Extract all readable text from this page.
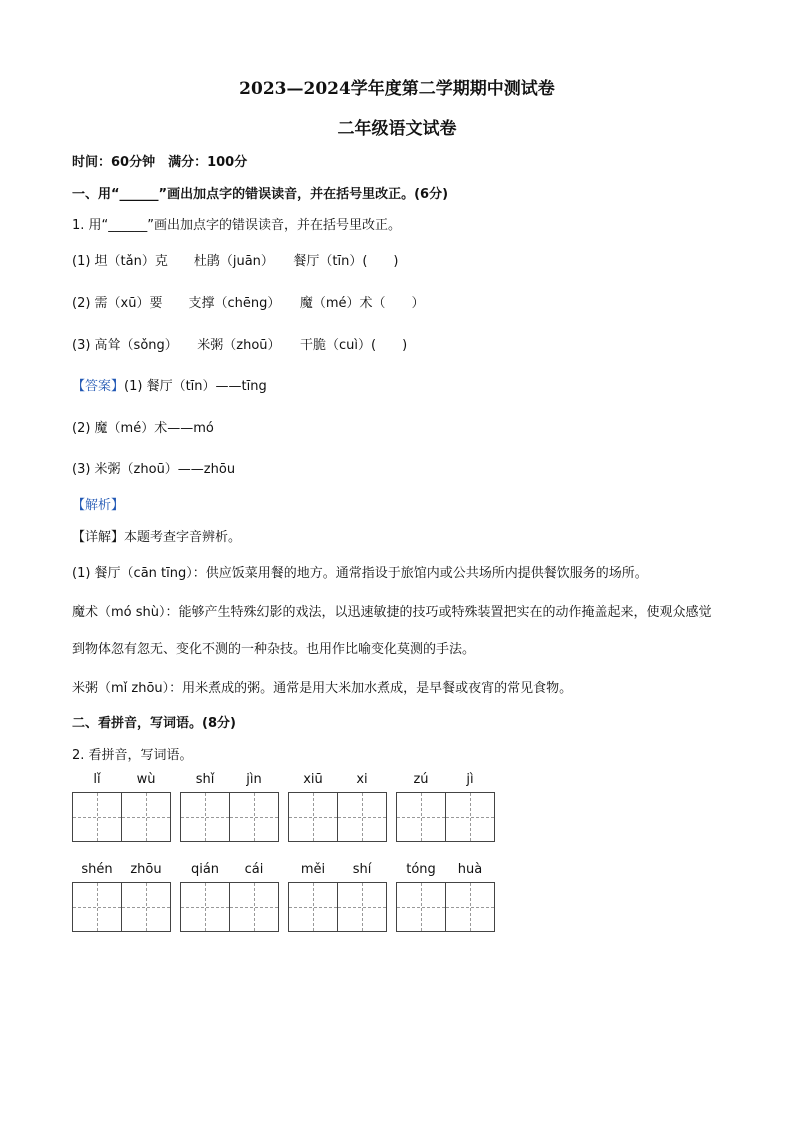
2023—2024学年度第二学期期中测试卷
二年级语文试卷
时间：60分钟　满分：100分
一、用“______”画出加点字的错误读音，并在括号里改正。(6分)
1. 用“______”画出加点字的错误读音，并在括号里改正。
(1) 坦（tǎn）克　　杜鹃（juān）　　餐厅（tīn）(　　)
(2) 需（xū）要　　支撑（chēng）　　魔（mé）术（　　）
(3) 高耸（sǒng）　　米粥（zhoū）　　干脆（cuì）(　　)
【答案】(1) 餐厅（tīn）——tīng
(2) 魔（mé）术——mó
(3) 米粥（zhoū）——zhōu
【解析】
【详解】本题考查字音辨析。
(1) 餐厅（cān tīng）：供应饭菜用餐的地方。通常指设于旅馆内或公共场所内提供餐饮服务的场所。
魔术（mó shù）：能够产生特殊幻影的戏法，以迅速敏捷的技巧或特殊装置把实在的动作掩盖起来，使观众感觉到物体忽有忽无、变化不测的一种杂技。也用作比喻变化莫测的手法。
米粥（mǐ zhōu）：用米煮成的粥。通常是用大米加水煮成，是早餐或夜宵的常见食物。
二、看拼音，写词语。(8分)
2. 看拼音，写词语。
lǐ	wù	shǐ	jìn	xiū	xi	zú	jì
shén	zhōu	qián	cái	měi	shí	tóng	huà
